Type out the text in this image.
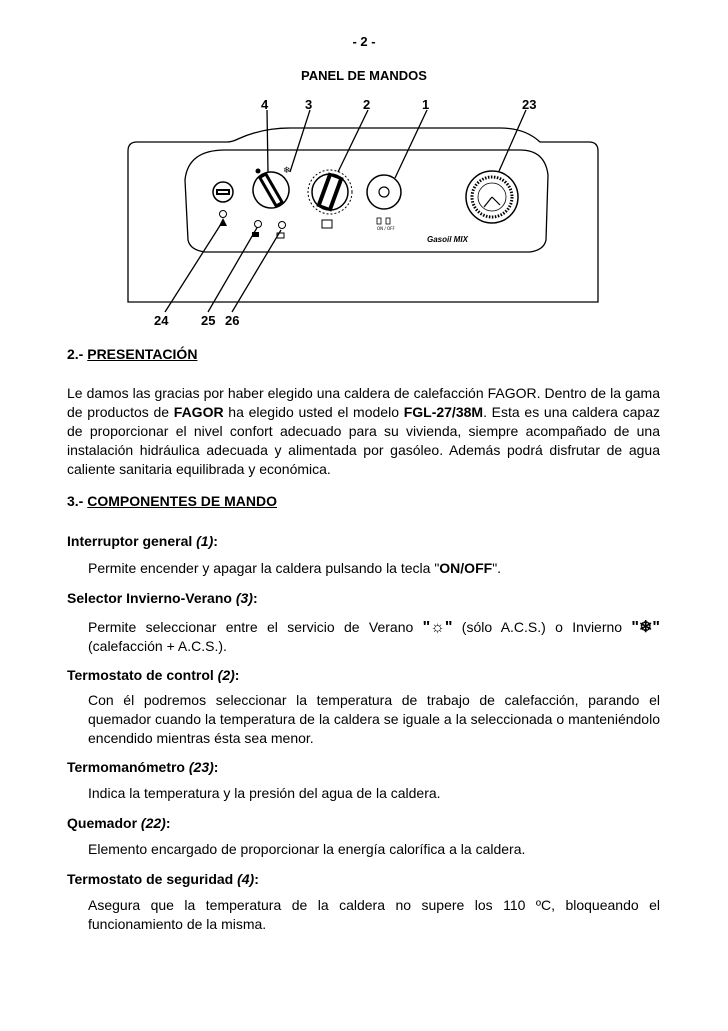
- 2 -
PANEL DE MANDOS
4	3	2	1	23
24	25 26
❄
ON / OFF
Gasoil MIX
2.- PRESENTACIÓN
Le damos las gracias por haber elegido una caldera de calefacción FAGOR. Dentro de la gama de productos de FAGOR ha elegido usted el modelo FGL-27/38M. Esta es una caldera capaz de proporcionar el nivel confort adecuado para su vivienda, siempre acompañado de una instalación hidráulica adecuada y alimentada por gasóleo. Además podrá disfrutar de agua caliente sanitaria equilibrada y económica.
3.- COMPONENTES DE MANDO
Interruptor general (1):
Permite encender y apagar la caldera pulsando la tecla "ON/OFF".
Selector Invierno-Verano (3):
Permite seleccionar entre el servicio de Verano "☼" (sólo A.C.S.) o Invierno "❄" (calefacción + A.C.S.).
Termostato de control (2):
Con él podremos seleccionar la temperatura de trabajo de calefacción, parando el quemador cuando la temperatura de la caldera se iguale a la seleccionada o manteniéndolo encendido mientras ésta sea menor.
Termomanómetro (23):
Indica la temperatura y la presión del agua de la caldera.
Quemador (22):
Elemento encargado de proporcionar la energía calorífica a la caldera.
Termostato de seguridad (4):
Asegura que la temperatura de la caldera no supere los 110 ºC, bloqueando el funcionamiento de la misma.
